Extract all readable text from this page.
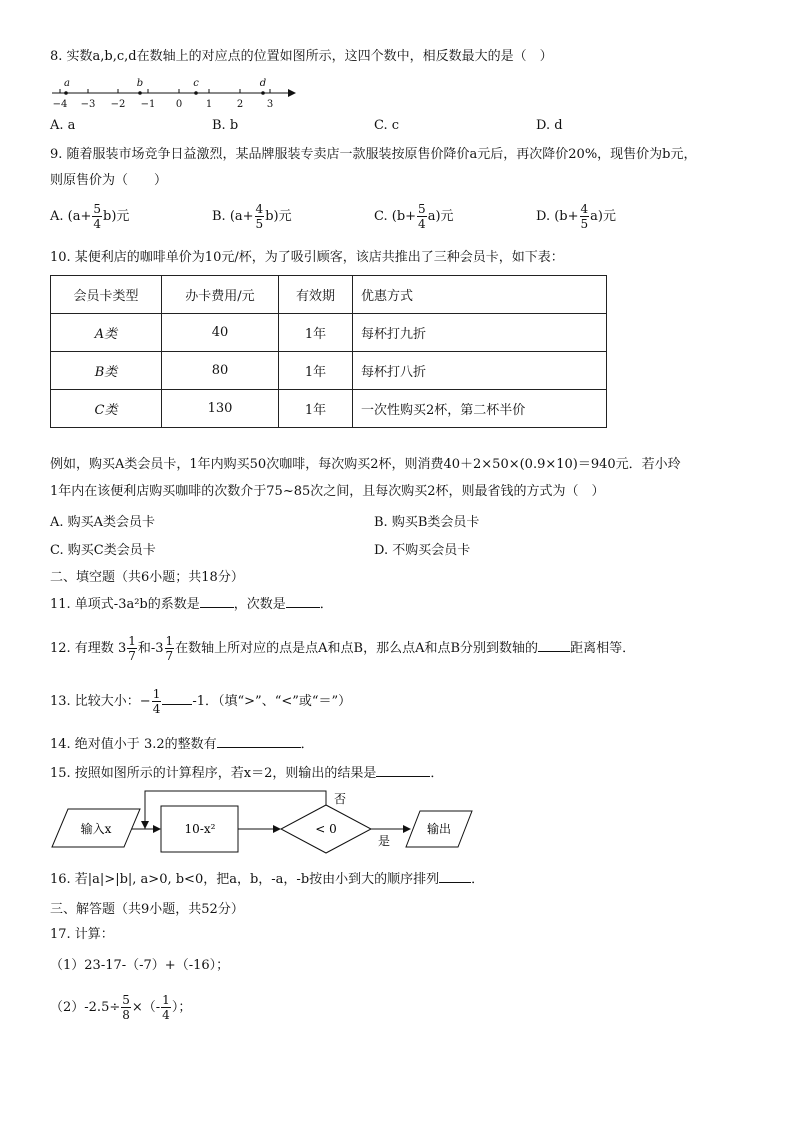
8. 实数a,b,c,d在数轴上的对应点的位置如图所示，这四个数中，相反数最大的是（　）
a	b	c	d
−4 −3 −2 −1 0 1 2 3
A. a	B. b	C. c	D. d
9. 随着服装市场竞争日益激烈，某品牌服装专卖店一款服装按原售价降价a元后，再次降价20%，现售价为b元，
则原售价为（　　）
A. $(a+ \frac{5}{4} b)$元	B. $(a+ \frac{4}{5} b)$元	C. $(b+ \frac{5}{4} a)$元	D. $(b+ \frac{4}{5} a)$元
10. 某便利店的咖啡单价为10元/杯，为了吸引顾客，该店共推出了三种会员卡，如下表：
会员卡类型	办卡费用/元	有效期	优惠方式
A类	40	1年	每杯打九折
B类	80	1年	每杯打八折
C类	130	1年	一次性购买2杯，第二杯半价
例如，购买A类会员卡，1年内购买50次咖啡，每次购买2杯，则消费40＋2×50×(0.9×10)＝940元．若小玲
1年内在该便利店购买咖啡的次数介于75~85次之间，且每次购买2杯，则最省钱的方式为（　）
A. 购买A类会员卡	B. 购买B类会员卡
C. 购买C类会员卡	D. 不购买会员卡
二、填空题（共6小题；共18分）
11. 单项式-3a²b的系数是	，次数是	．
12. 有理数 $3 \frac{1}{7}$ 和$-3 \frac{1}{7}$ 在数轴上所对应的点是点A和点B，那么点A和点B分别到数轴的 距离相等．
13. 比较大小：− $\frac{1}{4} -1$．（填“>”、“<”或“＝”）
14. 绝对值小于 3.2的整数有	．
15. 按照如图所示的计算程序，若x＝2，则输出的结果是	．
输入x	10-x²	< 0
否
是
输出
16. 若|a|>|b|, a>0, b<0，把a，b，-a，-b按由小到大的顺序排列 ．
三、解答题（共9小题，共52分）
17. 计算：
（1）23-17-（-7）+（-16）；
$(2)-2.5\div \frac{5}{8}$ ×（- $\frac{1}{4}$ ）；
